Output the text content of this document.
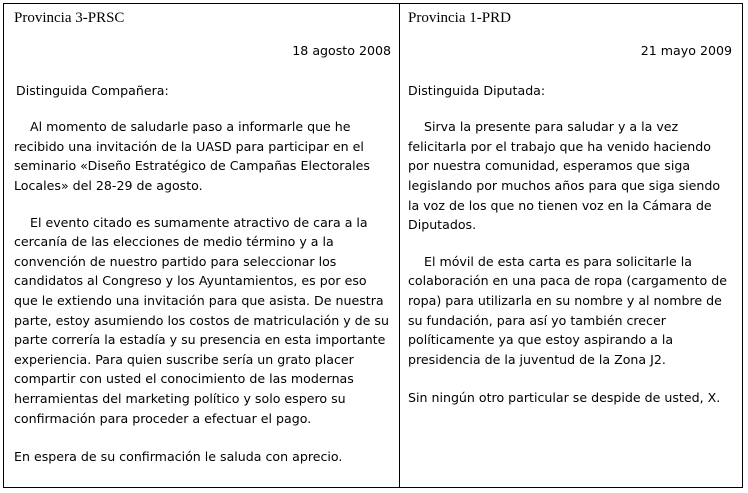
Provincia 3-PRSC
18 agosto 2008
Distinguida Compañera:
Al momento de saludarle paso a informarle que he recibido una invitación de la UASD para participar en el seminario «Diseño Estratégico de Campañas Electorales Locales» del 28-29 de agosto.
El evento citado es sumamente atractivo de cara a la cercanía de las elecciones de medio término y a la convención de nuestro partido para seleccionar los candidatos al Congreso y los Ayuntamientos, es por eso que le extiendo una invitación para que asista. De nuestra parte, estoy asumiendo los costos de matriculación y de su parte correría la estadía y su presencia en esta importante experiencia. Para quien suscribe sería un grato placer compartir con usted el conocimiento de las modernas herramientas del marketing político y solo espero su confirmación para proceder a efectuar el pago.
En espera de su confirmación le saluda con aprecio.
Provincia 1-PRD
21 mayo 2009
Distinguida Diputada:
Sirva la presente para saludar y a la vez felicitarla por el trabajo que ha venido haciendo por nuestra comunidad, esperamos que siga legislando por muchos años para que siga siendo la voz de los que no tienen voz en la Cámara de Diputados.
El móvil de esta carta es para solicitarle la colaboración en una paca de ropa (cargamento de ropa) para utilizarla en su nombre y al nombre de su fundación, para así yo también crecer políticamente ya que estoy aspirando a la presidencia de la juventud de la Zona J2.
Sin ningún otro particular se despide de usted, X.
